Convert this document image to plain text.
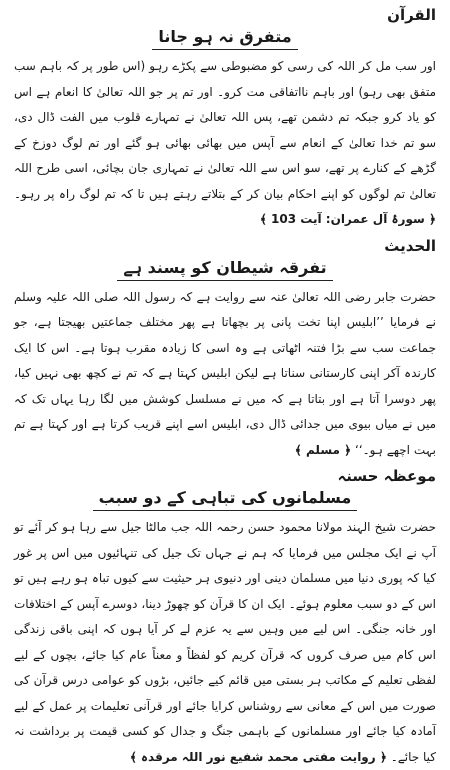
القرآن
متفرق نہ ہو جانا

اور سب مل کر اللہ کی رسی کو مضبوطی سے پکڑے رہو (اس طور پر کہ باہم سب متفق بھی رہو) اور باہم نااتفاقی مت کرو۔ اور تم پر جو اللہ تعالیٰ کا انعام ہے اس کو یاد کرو جبکہ تم دشمن تھے، پس اللہ تعالیٰ نے تمہارے قلوب میں الفت ڈال دی، سو تم خدا تعالیٰ کے انعام سے آپس میں بھائی بھائی ہو گئے اور تم لوگ دوزخ کے گڑھے کے کنارے پر تھے، سو اس سے اللہ تعالیٰ نے تمہاری جان بچائی، اسی طرح اللہ تعالیٰ تم لوگوں کو اپنے احکام بیان کر کے بتلاتے رہتے ہیں تا کہ تم لوگ راہ پر رہو۔ ﴿ سورۂ آل عمران: آیت 103 ﴾

الحدیث
تفرقہ شیطان کو پسند ہے

حضرت جابر رضی اللہ تعالیٰ عنہ سے روایت ہے کہ رسول اللہ صلی اللہ علیہ وسلم نے فرمایا ’’ابلیس اپنا تخت پانی پر بچھاتا ہے پھر مختلف جماعتیں بھیجتا ہے، جو جماعت سب سے بڑا فتنہ اٹھاتی ہے وہ اسی کا زیادہ مقرب ہوتا ہے۔ اس کا ایک کارندہ آکر اپنی کارستانی سناتا ہے لیکن ابلیس کہتا ہے کہ تم نے کچھ بھی نہیں کیا، پھر دوسرا آتا ہے اور بتاتا ہے کہ میں نے مسلسل کوشش میں لگا رہا یہاں تک کہ میں نے میاں بیوی میں جدائی ڈال دی، ابلیس اسے اپنے قریب کرتا ہے اور کہتا ہے تم بہت اچھے ہو۔‘‘ ﴿ مسلم ﴾

موعظہ حسنہ
مسلمانوں کی تباہی کے دو سبب

حضرت شیخ الہند مولانا محمود حسن رحمہ اللہ جب مالٹا جیل سے رہا ہو کر آئے تو آپ نے ایک مجلس میں فرمایا کہ ہم نے جہاں تک جیل کی تنہائیوں میں اس پر غور کیا کہ پوری دنیا میں مسلمان دینی اور دنیوی ہر حیثیت سے کیوں تباہ ہو رہے ہیں تو اس کے دو سبب معلوم ہوئے۔ ایک ان کا قرآن کو چھوڑ دینا، دوسرے آپس کے اختلافات اور خانہ جنگی۔ اس لیے میں وہیں سے یہ عزم لے کر آیا ہوں کہ اپنی باقی زندگی اس کام میں صرف کروں کہ قرآن کریم کو لفظاً و معناً عام کیا جائے، بچوں کے لیے لفظی تعلیم کے مکاتب ہر بستی میں قائم کیے جائیں، بڑوں کو عوامی درس قرآن کی صورت میں اس کے معانی سے روشناس کرایا جائے اور قرآنی تعلیمات پر عمل کے لیے آمادہ کیا جائے اور مسلمانوں کے باہمی جنگ و جدال کو کسی قیمت پر برداشت نہ کیا جائے۔ ﴿ روایت مفتی محمد شفیع نور اللہ مرقدہ ﴾
